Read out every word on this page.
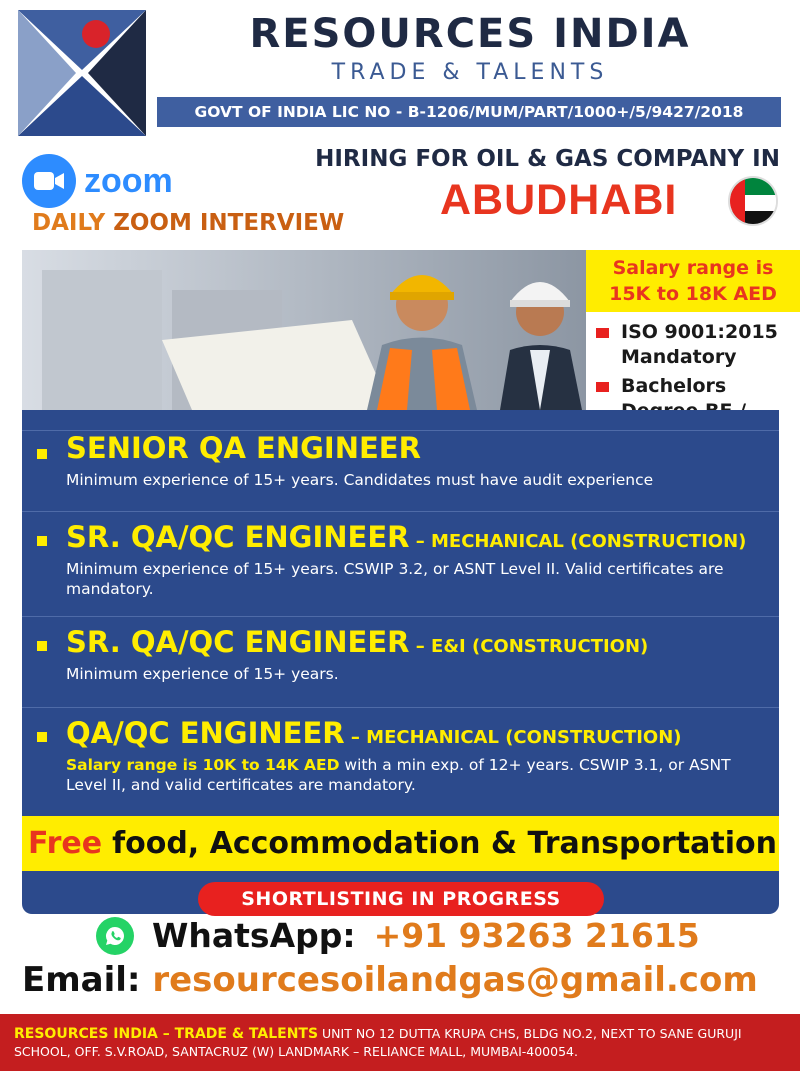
RESOURCES INDIA
TRADE & TALENTS
GOVT OF INDIA LIC NO - B-1206/MUM/PART/1000+/5/9427/2018
zoom
DAILY ZOOM INTERVIEW
HIRING FOR OIL & GAS COMPANY IN
ABUDHABI
Salary range is
15K to 18K AED
ISO 9001:2015 Mandatory
Bachelors
SENIOR QA ENGINEER
Minimum experience of 15+ years. Candidates must have audit experience
SR. QA/QC ENGINEER – MECHANICAL (CONSTRUCTION)
Minimum experience of 15+ years. CSWIP 3.2, or ASNT Level II. Valid certificates are mandatory.
SR. QA/QC ENGINEER – E&I (CONSTRUCTION)
Minimum experience of 15+ years.
QA/QC ENGINEER – MECHANICAL (CONSTRUCTION)
Salary range is 10K to 14K AED with a min exp. of 12+ years. CSWIP 3.1, or ASNT Level II, and valid certificates are mandatory.
Free food, Accommodation & Transportation
SHORTLISTING IN PROGRESS
WhatsApp: +91 93263 21615
Email: resourcesoilandgas@gmail.com
RESOURCES INDIA – TRADE & TALENTS UNIT NO 12 DUTTA KRUPA CHS, BLDG NO.2, NEXT TO SANE GURUJI SCHOOL, OFF. S.V.ROAD, SANTACRUZ (W) LANDMARK – RELIANCE MALL, MUMBAI-400054.
